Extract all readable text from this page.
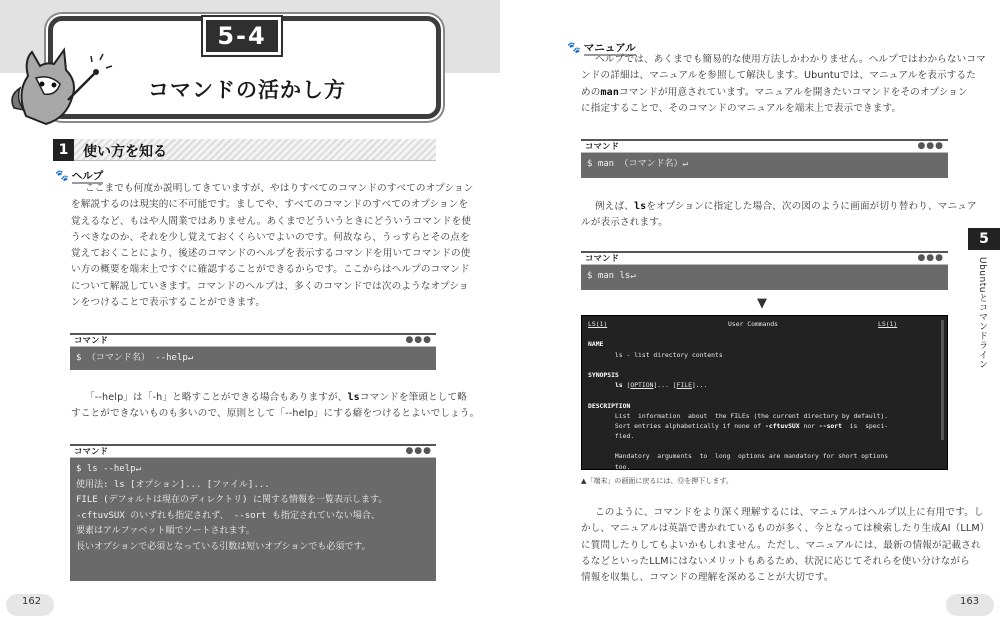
5-4
コマンドの活かし方
1	使い方を知る
🐾 ヘルプ
ここまでも何度か説明してきていますが、やはりすべてのコマンドのすべてのオプション
を解説するのは現実的に不可能です。ましてや、すべてのコマンドのすべてのオプションを
覚えるなど、もはや人間業ではありません。あくまでどういうときにどういうコマンドを使
うべきなのか、それを少し覚えておくくらいでよいのです。何故なら、うっすらとその点を
覚えておくことにより、後述のコマンドのヘルプを表示するコマンドを用いてコマンドの使
い方の概要を端末上ですぐに確認することができるからです。ここからはヘルプのコマンド
について解説していきます。コマンドのヘルプは、多くのコマンドでは次のようなオプショ
ンをつけることで表示することができます。
コマンド	●●●
$ （コマンド名） --help↵
「--help」は「-h」と略すことができる場合もありますが、lsコマンドを筆頭として略
すことができないものも多いので、原則として「--help」にする癖をつけるとよいでしょう。
コマンド	●●●
$ ls --help↵
使用法: ls [オプション]... [ファイル]...
FILE (デフォルトは現在のディレクトリ) に関する情報を一覧表示します。
-cftuvSUX のいずれも指定されず、 --sort も指定されていない場合、
要素はアルファベット順でソートされます。
長いオプションで必須となっている引数は短いオプションでも必須です。
162
🐾 マニュアル
ヘルプでは、あくまでも簡易的な使用方法しかわかりません。ヘルプではわからないコマ
ンドの詳細は、マニュアルを参照して解決します。Ubuntuでは、マニュアルを表示するた
めのmanコマンドが用意されています。マニュアルを開きたいコマンドをそのオプション
に指定することで、そのコマンドのマニュアルを端末上で表示できます。
コマンド	●●●
$ man （コマンド名）↵
例えば、lsをオプションに指定した場合、次の図のように画面が切り替わり、マニュア
ルが表示されます。
コマンド	●●●
$ man ls↵
▼
LS(1)	User Commands	LS(1)
NAME
ls - list directory contents
SYNOPSIS
ls [OPTION]... [FILE]...
DESCRIPTION
List  information  about  the FILEs (the current directory by default).
Sort entries alphabetically if none of -cftuvSUX nor --sort  is  speci‐
fied.
Mandatory  arguments  to  long  options are mandatory for short options
too.
▲「端末」の画面に戻るには、Ⓠを押下します。
このように、コマンドをより深く理解するには、マニュアルはヘルプ以上に有用です。し
かし、マニュアルは英語で書かれているものが多く、今となっては検索したり生成AI（LLM）
に質問したりしてもよいかもしれません。ただし、マニュアルには、最新の情報が記載され
るなどといったLLMにはないメリットもあるため、状況に応じてそれらを使い分けながら
情報を収集し、コマンドの理解を深めることが大切です。
5
Ubuntuとコマンドライン
163
